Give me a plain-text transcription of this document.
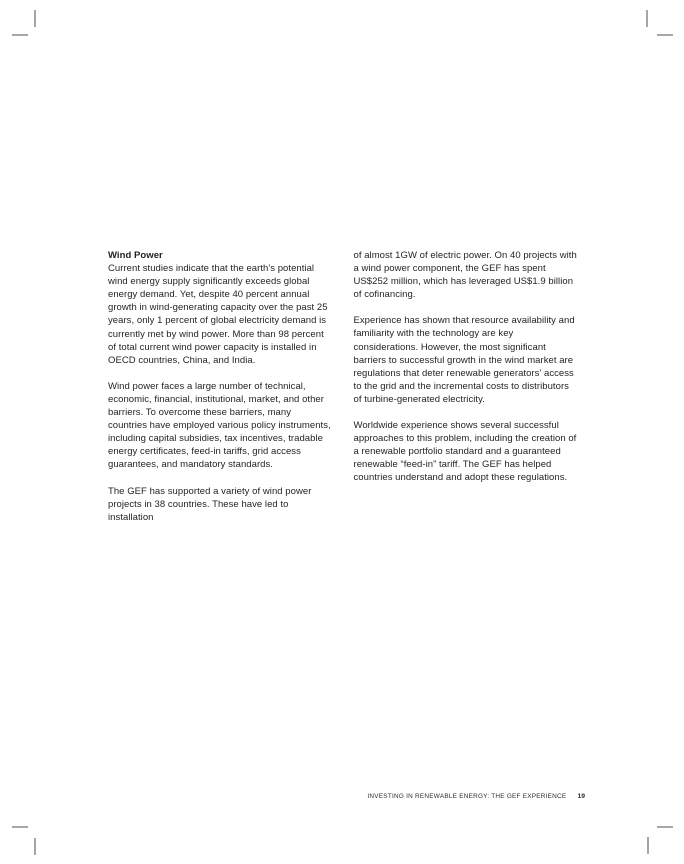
Wind Power

Current studies indicate that the earth's potential wind energy supply significantly exceeds global energy demand. Yet, despite 40 percent annual growth in wind-generating capacity over the past 25 years, only 1 percent of global electricity demand is currently met by wind power. More than 98 percent of total current wind power capacity is installed in OECD countries, China, and India.

Wind power faces a large number of technical, economic, financial, institutional, market, and other barriers. To overcome these barriers, many countries have employed various policy instruments, including capital subsidies, tax incentives, tradable energy certificates, feed-in tariffs, grid access guarantees, and mandatory standards.

The GEF has supported a variety of wind power projects in 38 countries. These have led to installation

of almost 1GW of electric power. On 40 projects with a wind power component, the GEF has spent US$252 million, which has leveraged US$1.9 billion of cofinancing.

Experience has shown that resource availability and familiarity with the technology are key considerations. However, the most significant barriers to successful growth in the wind market are regulations that deter renewable generators' access to the grid and the incremental costs to distributors of turbine-generated electricity.

Worldwide experience shows several successful approaches to this problem, including the creation of a renewable portfolio standard and a guaranteed renewable “feed-in” tariff. The GEF has helped countries understand and adopt these regulations.

INVESTING IN RENEWABLE ENERGY: THE GEF EXPERIENCE 19
